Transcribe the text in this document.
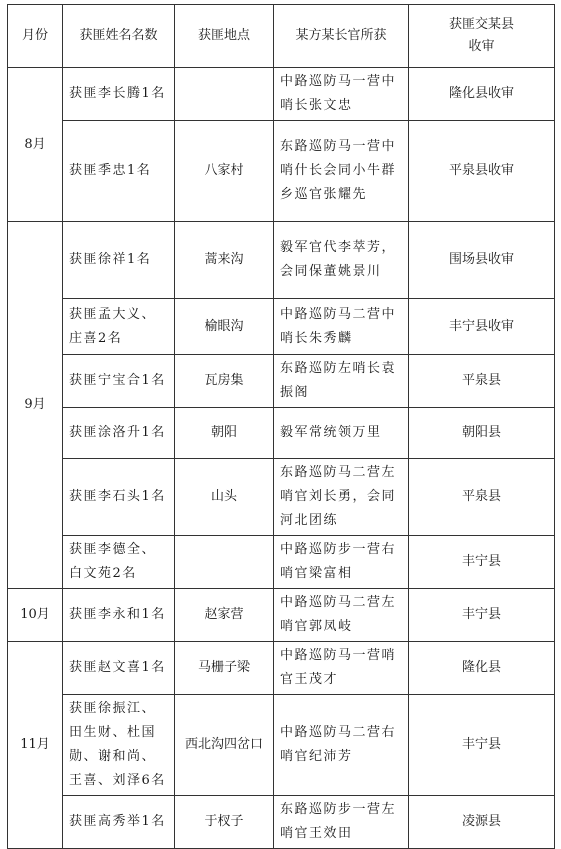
月份	获匪姓名名数	获匪地点	某方某长官所获	获匪交某县
收审
8月	获匪李长腾1名		中路巡防马一营中哨长张文忠	隆化县收审
	获匪季忠1名	八家村	东路巡防马一营中哨什长会同小牛群乡巡官张耀先	平泉县收审
9月	获匪徐祥1名	蒿来沟	毅军官代李萃芳，会同保董姚景川	围场县收审
	获匪孟大义、庄喜2名	榆眼沟	中路巡防马二营中哨长朱秀麟	丰宁县收审
	获匪宁宝合1名	瓦房集	东路巡防左哨长袁振阁	平泉县
	获匪涂洛升1名	朝阳	毅军常统领万里	朝阳县
	获匪李石头1名	山头	东路巡防马二营左哨官刘长勇，会同河北团练	平泉县
	获匪李德全、白文苑2名		中路巡防步一营右哨官梁富相	丰宁县
10月	获匪李永和1名	赵家营	中路巡防马二营左哨官郭凤岐	丰宁县
11月	获匪赵文喜1名	马栅子梁	中路巡防马一营哨官王茂才	隆化县
	获匪徐振江、田生财、杜国勋、谢和尚、王喜、刘泽6名	西北沟四岔口	中路巡防马二营右哨官纪沛芳	丰宁县
	获匪高秀举1名	于杈子	东路巡防步一营左哨官王效田	凌源县
